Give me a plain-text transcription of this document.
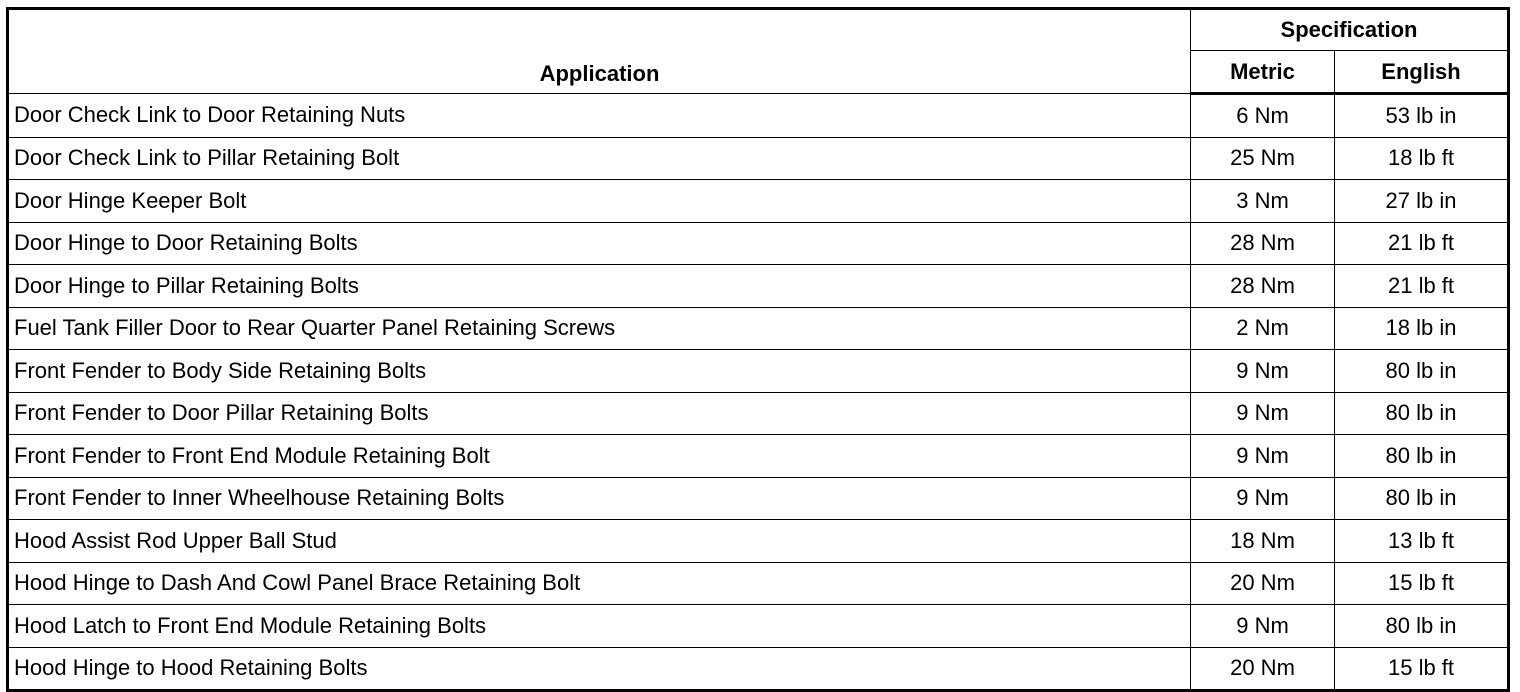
Application	Specification	
	Metric	English
Door Check Link to Door Retaining Nuts	6 Nm	53 lb in
Door Check Link to Pillar Retaining Bolt	25 Nm	18 lb ft
Door Hinge Keeper Bolt	3 Nm	27 lb in
Door Hinge to Door Retaining Bolts	28 Nm	21 lb ft
Door Hinge to Pillar Retaining Bolts	28 Nm	21 lb ft
Fuel Tank Filler Door to Rear Quarter Panel Retaining Screws	2 Nm	18 lb in
Front Fender to Body Side Retaining Bolts	9 Nm	80 lb in
Front Fender to Door Pillar Retaining Bolts	9 Nm	80 lb in
Front Fender to Front End Module Retaining Bolt	9 Nm	80 lb in
Front Fender to Inner Wheelhouse Retaining Bolts	9 Nm	80 lb in
Hood Assist Rod Upper Ball Stud	18 Nm	13 lb ft
Hood Hinge to Dash And Cowl Panel Brace Retaining Bolt	20 Nm	15 lb ft
Hood Latch to Front End Module Retaining Bolts	9 Nm	80 lb in
Hood Hinge to Hood Retaining Bolts	20 Nm	15 lb ft
